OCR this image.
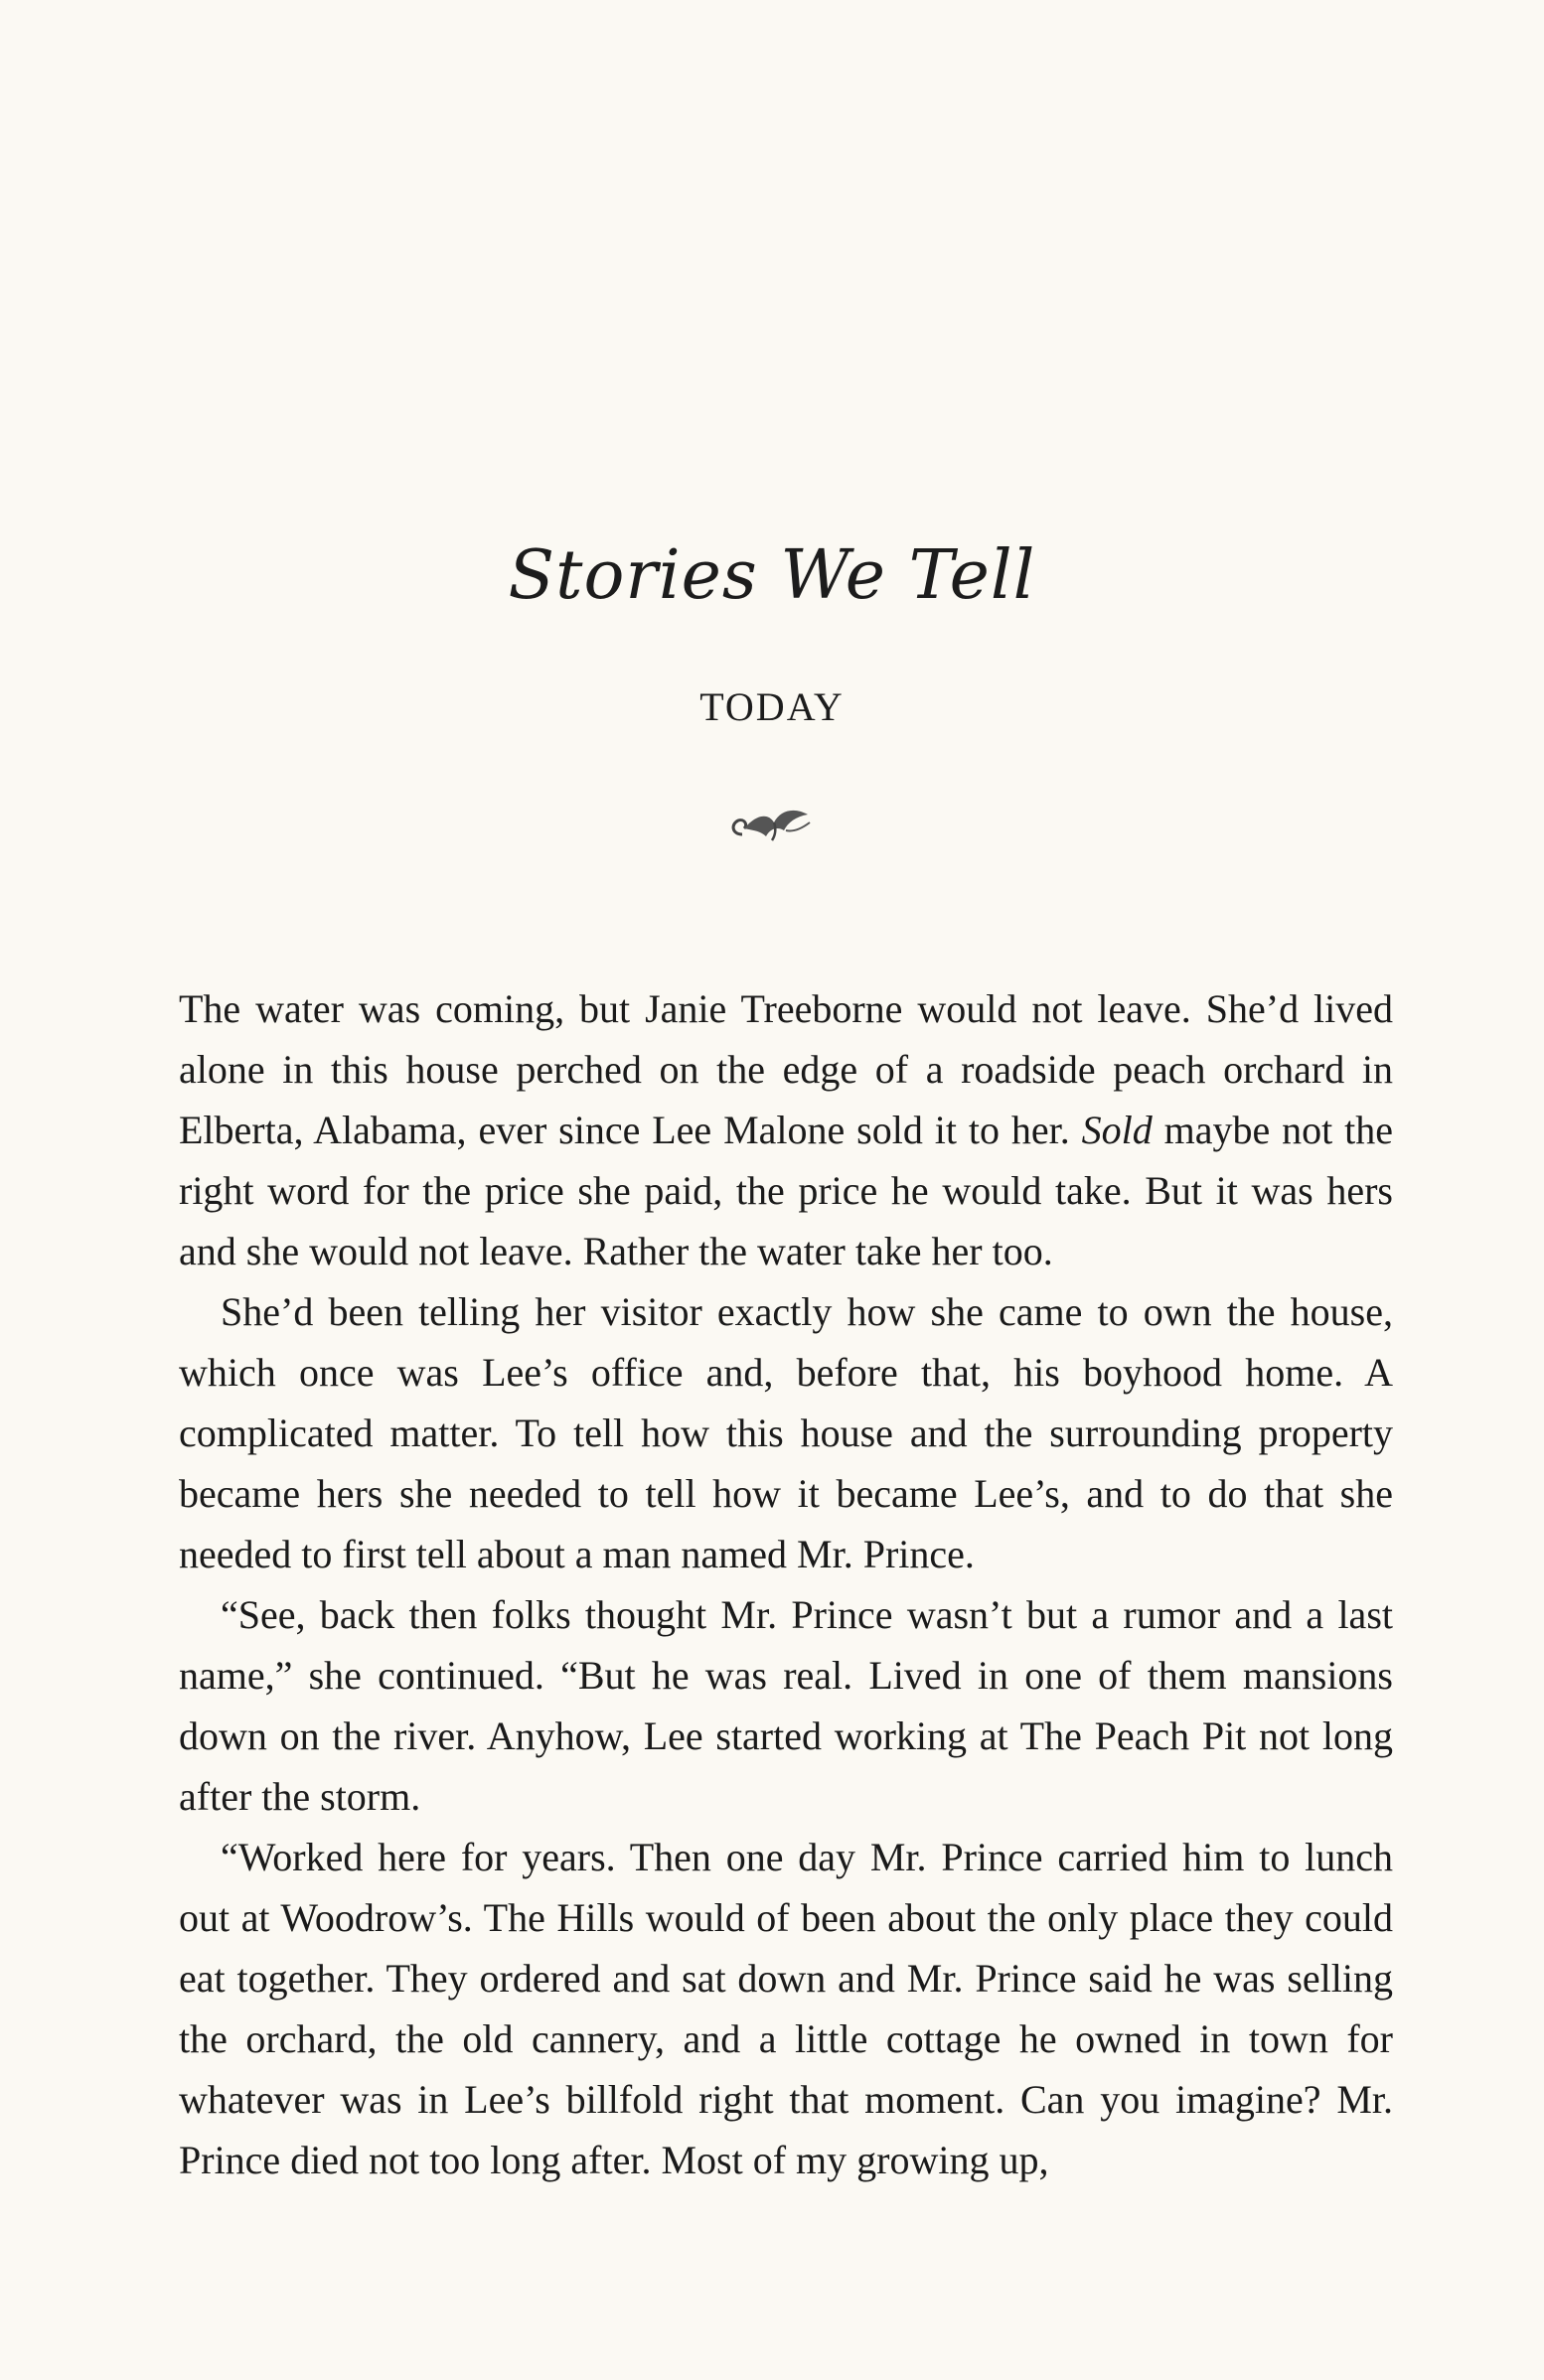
Stories We Tell
TODAY

The water was coming, but Janie Treeborne would not leave. She’d lived alone in this house perched on the edge of a roadside peach orchard in Elberta, Alabama, ever since Lee Malone sold it to her. Sold maybe not the right word for the price she paid, the price he would take. But it was hers and she would not leave. Rather the water take her too.

She’d been telling her visitor exactly how she came to own the house, which once was Lee’s office and, before that, his boyhood home. A complicated matter. To tell how this house and the surrounding property became hers she needed to tell how it became Lee’s, and to do that she needed to first tell about a man named Mr. Prince.

“See, back then folks thought Mr. Prince wasn’t but a rumor and a last name,” she continued. “But he was real. Lived in one of them mansions down on the river. Anyhow, Lee started working at The Peach Pit not long after the storm.

“Worked here for years. Then one day Mr. Prince carried him to lunch out at Woodrow’s. The Hills would of been about the only place they could eat together. They ordered and sat down and Mr. Prince said he was selling the orchard, the old cannery, and a little cottage he owned in town for whatever was in Lee’s billfold right that moment. Can you imagine? Mr. Prince died not too long after. Most of my growing up,
